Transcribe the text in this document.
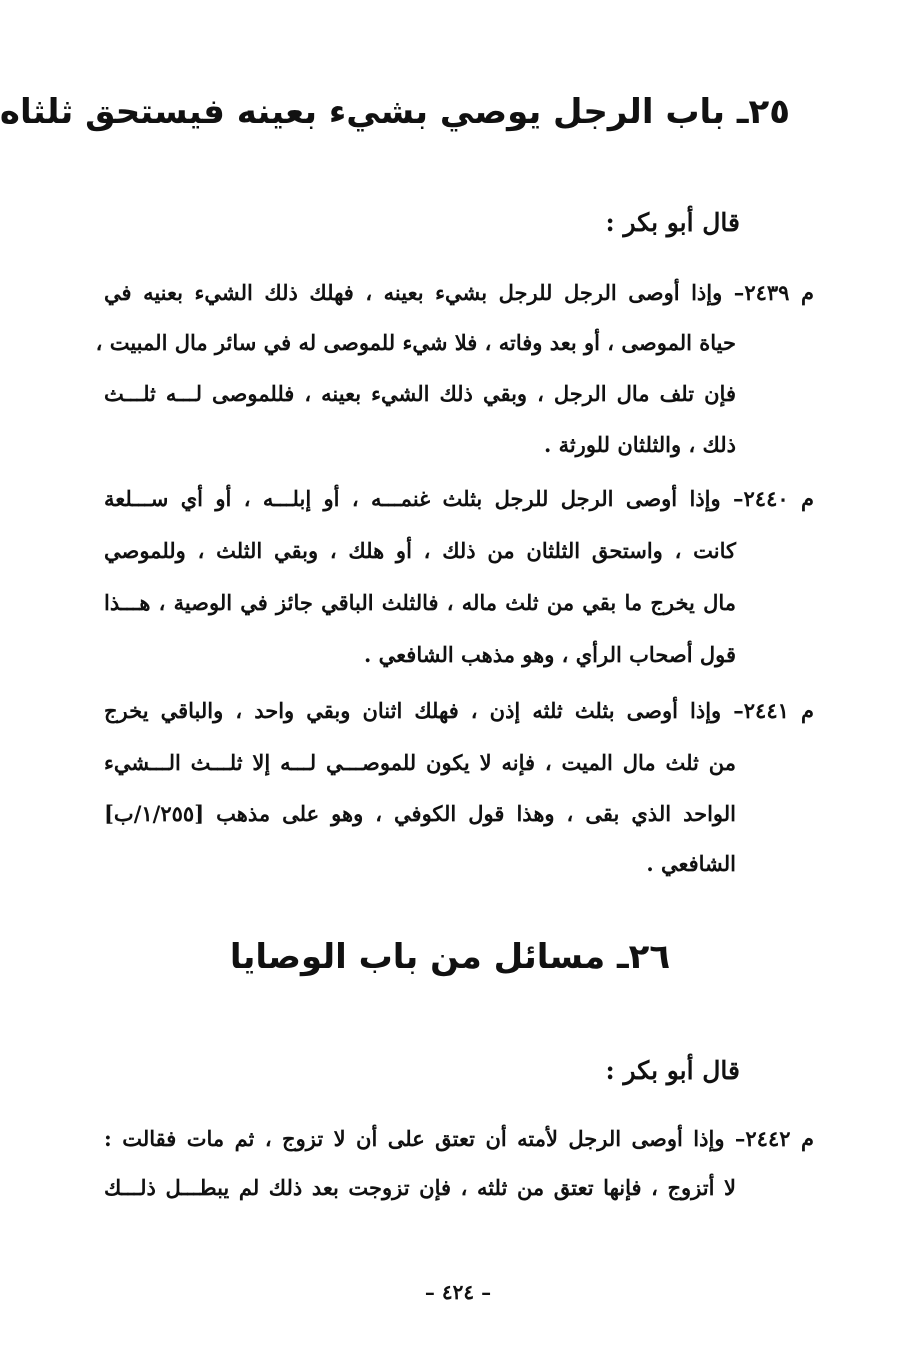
٢٥ـ باب الرجل يوصي بشيء بعينه فيستحق ثلثاه
قال أبو بكر :
م ٢٤٣٩– وإذا أوصى الرجل للرجل بشيء بعينه ، فهلك ذلك الشيء بعنيه في
حياة الموصى ، أو بعد وفاته ، فلا شيء للموصى له في سائر مال المبيت ،
فإن تلف مال الرجل ، وبقي ذلك الشيء بعينه ، فللموصى لـــه ثلـــث
ذلك ، والثلثان للورثة .
م ٢٤٤٠– وإذا أوصى الرجل للرجل بثلث غنمـــه ، أو إبلـــه ، أو أي ســـلعة
كانت ، واستحق الثلثان من ذلك ، أو هلك ، وبقي الثلث ، وللموصي
مال يخرج ما بقي من ثلث ماله ، فالثلث الباقي جائز في الوصية ، هـــذا
قول أصحاب الرأي ، وهو مذهب الشافعي .
م ٢٤٤١– وإذا أوصى بثلث ثلثه إذن ، فهلك اثنان وبقي واحد ، والباقي يخرج
من ثلث مال الميت ، فإنه لا يكون للموصـــي لـــه إلا ثلـــث الـــشيء
الواحد الذي بقى ، وهذا قول الكوفي ، وهو على مذهب [١/٢٥٥/ب]
الشافعي .
٢٦ـ مسائل من باب الوصايا
قال أبو بكر :
م ٢٤٤٢– وإذا أوصى الرجل لأمته أن تعتق على أن لا تزوج ، ثم مات فقالت :
لا أتزوج ، فإنها تعتق من ثلثه ، فإن تزوجت بعد ذلك لم يبطـــل ذلـــك
– ٤٢٤ –
